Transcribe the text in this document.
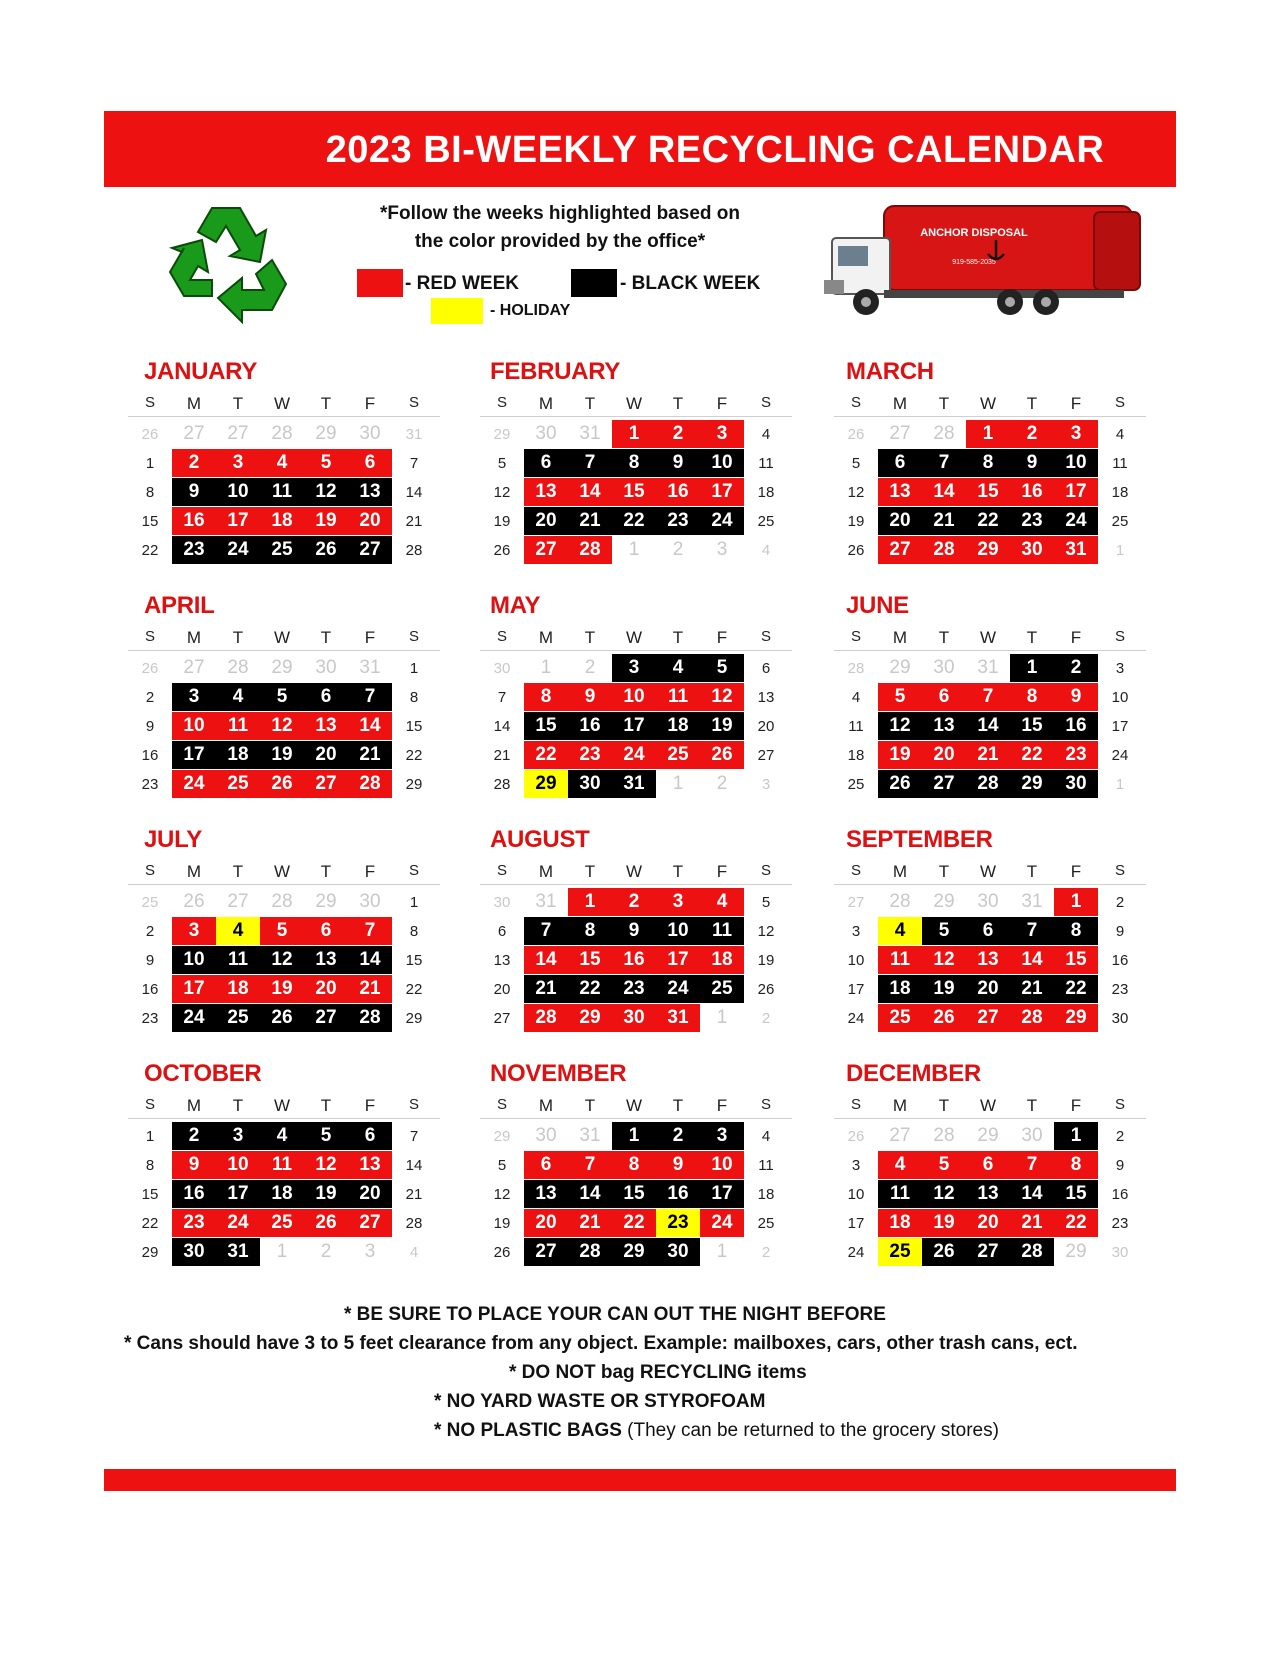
2023 BI-WEEKLY RECYCLING CALENDAR
ANCHOR DISPOSAL
919-585-2035
*Follow the weeks highlighted based on
the color provided by the office*
- RED WEEK	- BLACK WEEK
- HOLIDAY
JANUARY
S	M	T	W	T	F	S
26	27	27	28	29	30	31
1	2	3	4	5	6	7
8	9	10	11	12	13	14
15	16	17	18	19	20	21
22	23	24	25	26	27	28
FEBRUARY
S	M	T	W	T	F	S
29	30	31	1	2	3	4
5	6	7	8	9	10	11
12	13	14	15	16	17	18
19	20	21	22	23	24	25
26	27	28	1	2	3	4
MARCH
S	M	T	W	T	F	S
26	27	28	1	2	3	4
5	6	7	8	9	10	11
12	13	14	15	16	17	18
19	20	21	22	23	24	25
26	27	28	29	30	31	1
APRIL
S	M	T	W	T	F	S
26	27	28	29	30	31	1
2	3	4	5	6	7	8
9	10	11	12	13	14	15
16	17	18	19	20	21	22
23	24	25	26	27	28	29
MAY
S	M	T	W	T	F	S
30	1	2	3	4	5	6
7	8	9	10	11	12	13
14	15	16	17	18	19	20
21	22	23	24	25	26	27
28	29	30	31	1	2	3
JUNE
S	M	T	W	T	F	S
28	29	30	31	1	2	3
4	5	6	7	8	9	10
11	12	13	14	15	16	17
18	19	20	21	22	23	24
25	26	27	28	29	30	1
JULY
S	M	T	W	T	F	S
25	26	27	28	29	30	1
2	3	4	5	6	7	8
9	10	11	12	13	14	15
16	17	18	19	20	21	22
23	24	25	26	27	28	29
AUGUST
S	M	T	W	T	F	S
30	31	1	2	3	4	5
6	7	8	9	10	11	12
13	14	15	16	17	18	19
20	21	22	23	24	25	26
27	28	29	30	31	1	2
SEPTEMBER
S	M	T	W	T	F	S
27	28	29	30	31	1	2
3	4	5	6	7	8	9
10	11	12	13	14	15	16
17	18	19	20	21	22	23
24	25	26	27	28	29	30
OCTOBER
S	M	T	W	T	F	S
1	2	3	4	5	6	7
8	9	10	11	12	13	14
15	16	17	18	19	20	21
22	23	24	25	26	27	28
29	30	31	1	2	3	4
NOVEMBER
S	M	T	W	T	F	S
29	30	31	1	2	3	4
5	6	7	8	9	10	11
12	13	14	15	16	17	18
19	20	21	22	23	24	25
26	27	28	29	30	1	2
DECEMBER
S	M	T	W	T	F	S
26	27	28	29	30	1	2
3	4	5	6	7	8	9
10	11	12	13	14	15	16
17	18	19	20	21	22	23
24	25	26	27	28	29	30
* BE SURE TO PLACE YOUR CAN OUT THE NIGHT BEFORE
* Cans should have 3 to 5 feet clearance from any object. Example: mailboxes, cars, other trash cans, ect.
* DO NOT bag RECYCLING items
* NO YARD WASTE OR STYROFOAM
* NO PLASTIC BAGS (They can be returned to the grocery stores)
